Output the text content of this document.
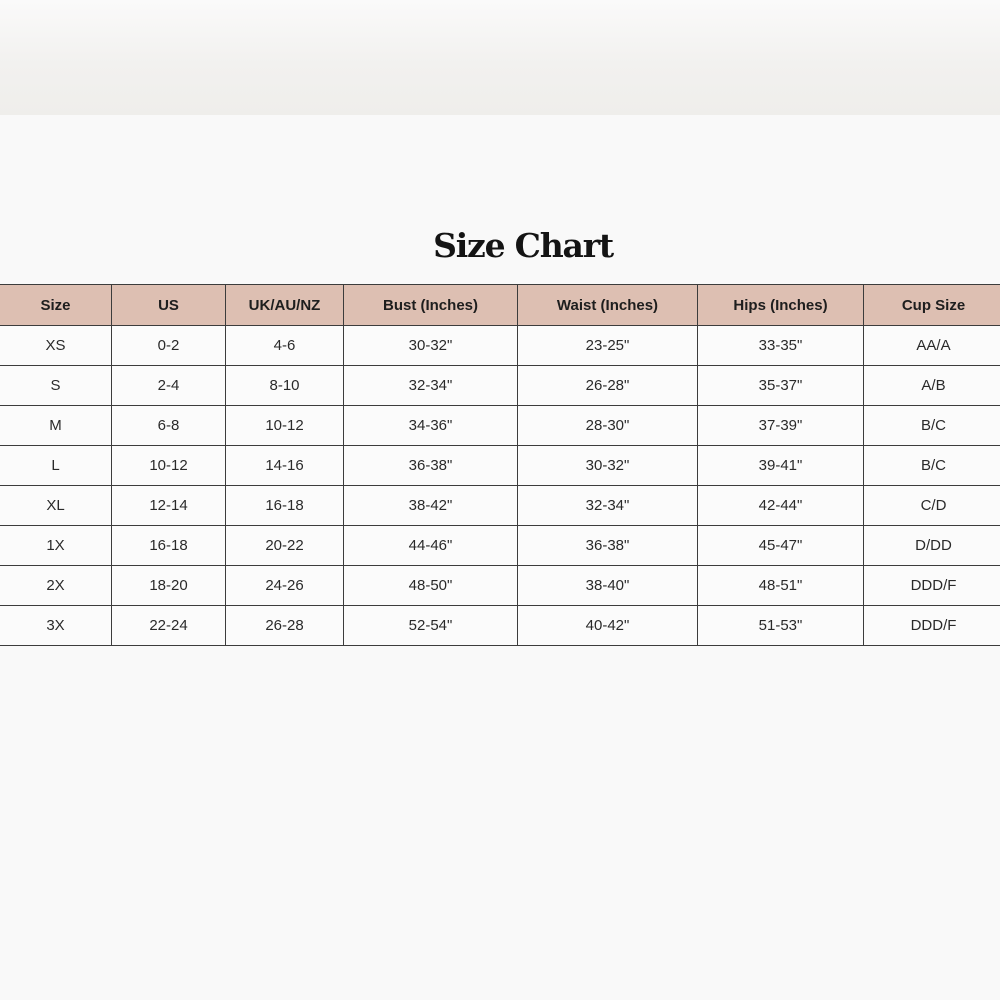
Size Chart
Size	US	UK/AU/NZ	Bust (Inches)	Waist (Inches)	Hips (Inches)	Cup Size
XS	0-2	4-6	30-32"	23-25"	33-35"	AA/A
S	2-4	8-10	32-34"	26-28"	35-37"	A/B
M	6-8	10-12	34-36"	28-30"	37-39"	B/C
L	10-12	14-16	36-38"	30-32"	39-41"	B/C
XL	12-14	16-18	38-42"	32-34"	42-44"	C/D
1X	16-18	20-22	44-46"	36-38"	45-47"	D/DD
2X	18-20	24-26	48-50"	38-40"	48-51"	DDD/F
3X	22-24	26-28	52-54"	40-42"	51-53"	DDD/F
